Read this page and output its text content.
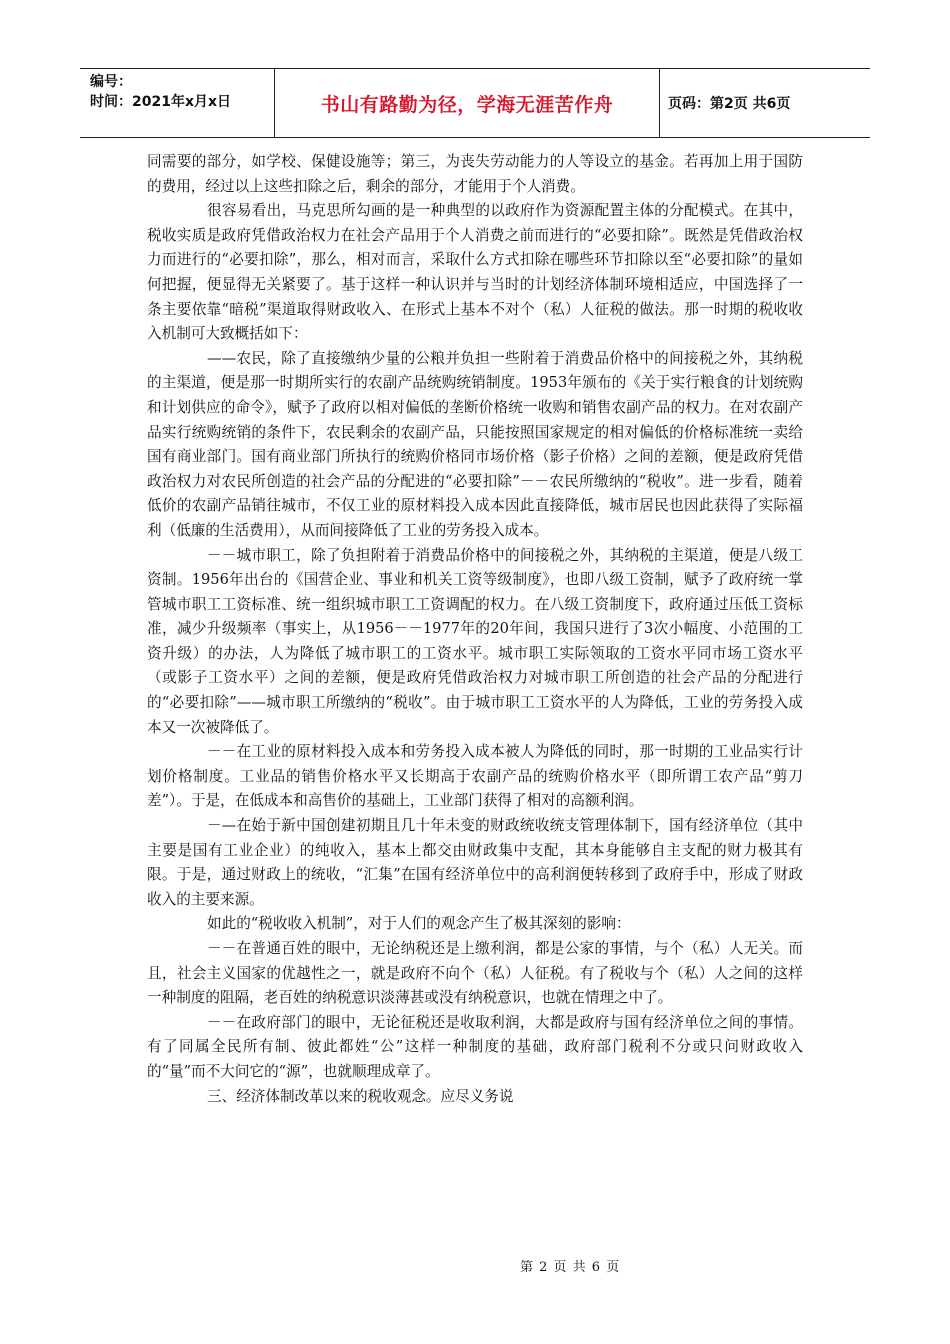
编号：
时间：2021年x月x日	书山有路勤为径，学海无涯苦作舟	页码：第2页 共6页

同需要的部分，如学校、保健设施等；第三，为丧失劳动能力的人等设立的基金。若再加上用于国防的费用，经过以上这些扣除之后，剩余的部分，才能用于个人消费。

很容易看出，马克思所勾画的是一种典型的以政府作为资源配置主体的分配模式。在其中，税收实质是政府凭借政治权力在社会产品用于个人消费之前而进行的“必要扣除”。既然是凭借政治权力而进行的“必要扣除”，那么，相对而言，采取什么方式扣除在哪些环节扣除以至“必要扣除”的量如何把握，便显得无关紧要了。基于这样一种认识并与当时的计划经济体制环境相适应，中国选择了一条主要依靠“暗税”渠道取得财政收入、在形式上基本不对个（私）人征税的做法。那一时期的税收收入机制可大致概括如下：

——农民，除了直接缴纳少量的公粮并负担一些附着于消费品价格中的间接税之外，其纳税的主渠道，便是那一时期所实行的农副产品统购统销制度。1953年颁布的《关于实行粮食的计划统购和计划供应的命令》，赋予了政府以相对偏低的垄断价格统一收购和销售农副产品的权力。在对农副产品实行统购统销的条件下，农民剩余的农副产品，只能按照国家规定的相对偏低的价格标准统一卖给国有商业部门。国有商业部门所执行的统购价格同市场价格（影子价格）之间的差额，便是政府凭借政治权力对农民所创造的社会产品的分配进的“必要扣除”－－农民所缴纳的“税收”。进一步看，随着低价的农副产品销往城市，不仅工业的原材料投入成本因此直接降低，城市居民也因此获得了实际福利（低廉的生活费用），从而间接降低了工业的劳务投入成本。

－－城市职工，除了负担附着于消费品价格中的间接税之外，其纳税的主渠道，便是八级工资制。1956年出台的《国营企业、事业和机关工资等级制度》，也即八级工资制，赋予了政府统一掌管城市职工工资标准、统一组织城市职工工资调配的权力。在八级工资制度下，政府通过压低工资标准，减少升级频率（事实上，从1956－－1977年的20年间，我国只进行了3次小幅度、小范围的工资升级）的办法，人为降低了城市职工的工资水平。城市职工实际领取的工资水平同市场工资水平（或影子工资水平）之间的差额，便是政府凭借政治权力对城市职工所创造的社会产品的分配进行的“必要扣除”——城市职工所缴纳的“税收”。由于城市职工工资水平的人为降低，工业的劳务投入成本又一次被降低了。

－－在工业的原材料投入成本和劳务投入成本被人为降低的同时，那一时期的工业品实行计划价格制度。工业品的销售价格水平又长期高于农副产品的统购价格水平（即所谓工农产品“剪刀差”）。于是，在低成本和高售价的基础上，工业部门获得了相对的高额利润。

－—在始于新中国创建初期且几十年未变的财政统收统支管理体制下，国有经济单位（其中主要是国有工业企业）的纯收入，基本上都交由财政集中支配，其本身能够自主支配的财力极其有限。于是，通过财政上的统收，“汇集”在国有经济单位中的高利润便转移到了政府手中，形成了财政收入的主要来源。

如此的“税收收入机制”，对于人们的观念产生了极其深刻的影响：

－－在普通百姓的眼中，无论纳税还是上缴利润，都是公家的事情，与个（私）人无关。而且，社会主义国家的优越性之一，就是政府不向个（私）人征税。有了税收与个（私）人之间的这样一种制度的阻隔，老百姓的纳税意识淡薄甚或没有纳税意识，也就在情理之中了。

－－在政府部门的眼中，无论征税还是收取利润，大都是政府与国有经济单位之间的事情。有了同属全民所有制、彼此都姓“公”这样一种制度的基础，政府部门税利不分或只问财政收入的“量”而不大问它的“源”，也就顺理成章了。

三、经济体制改革以来的税收观念。应尽义务说

第 2 页 共 6 页
